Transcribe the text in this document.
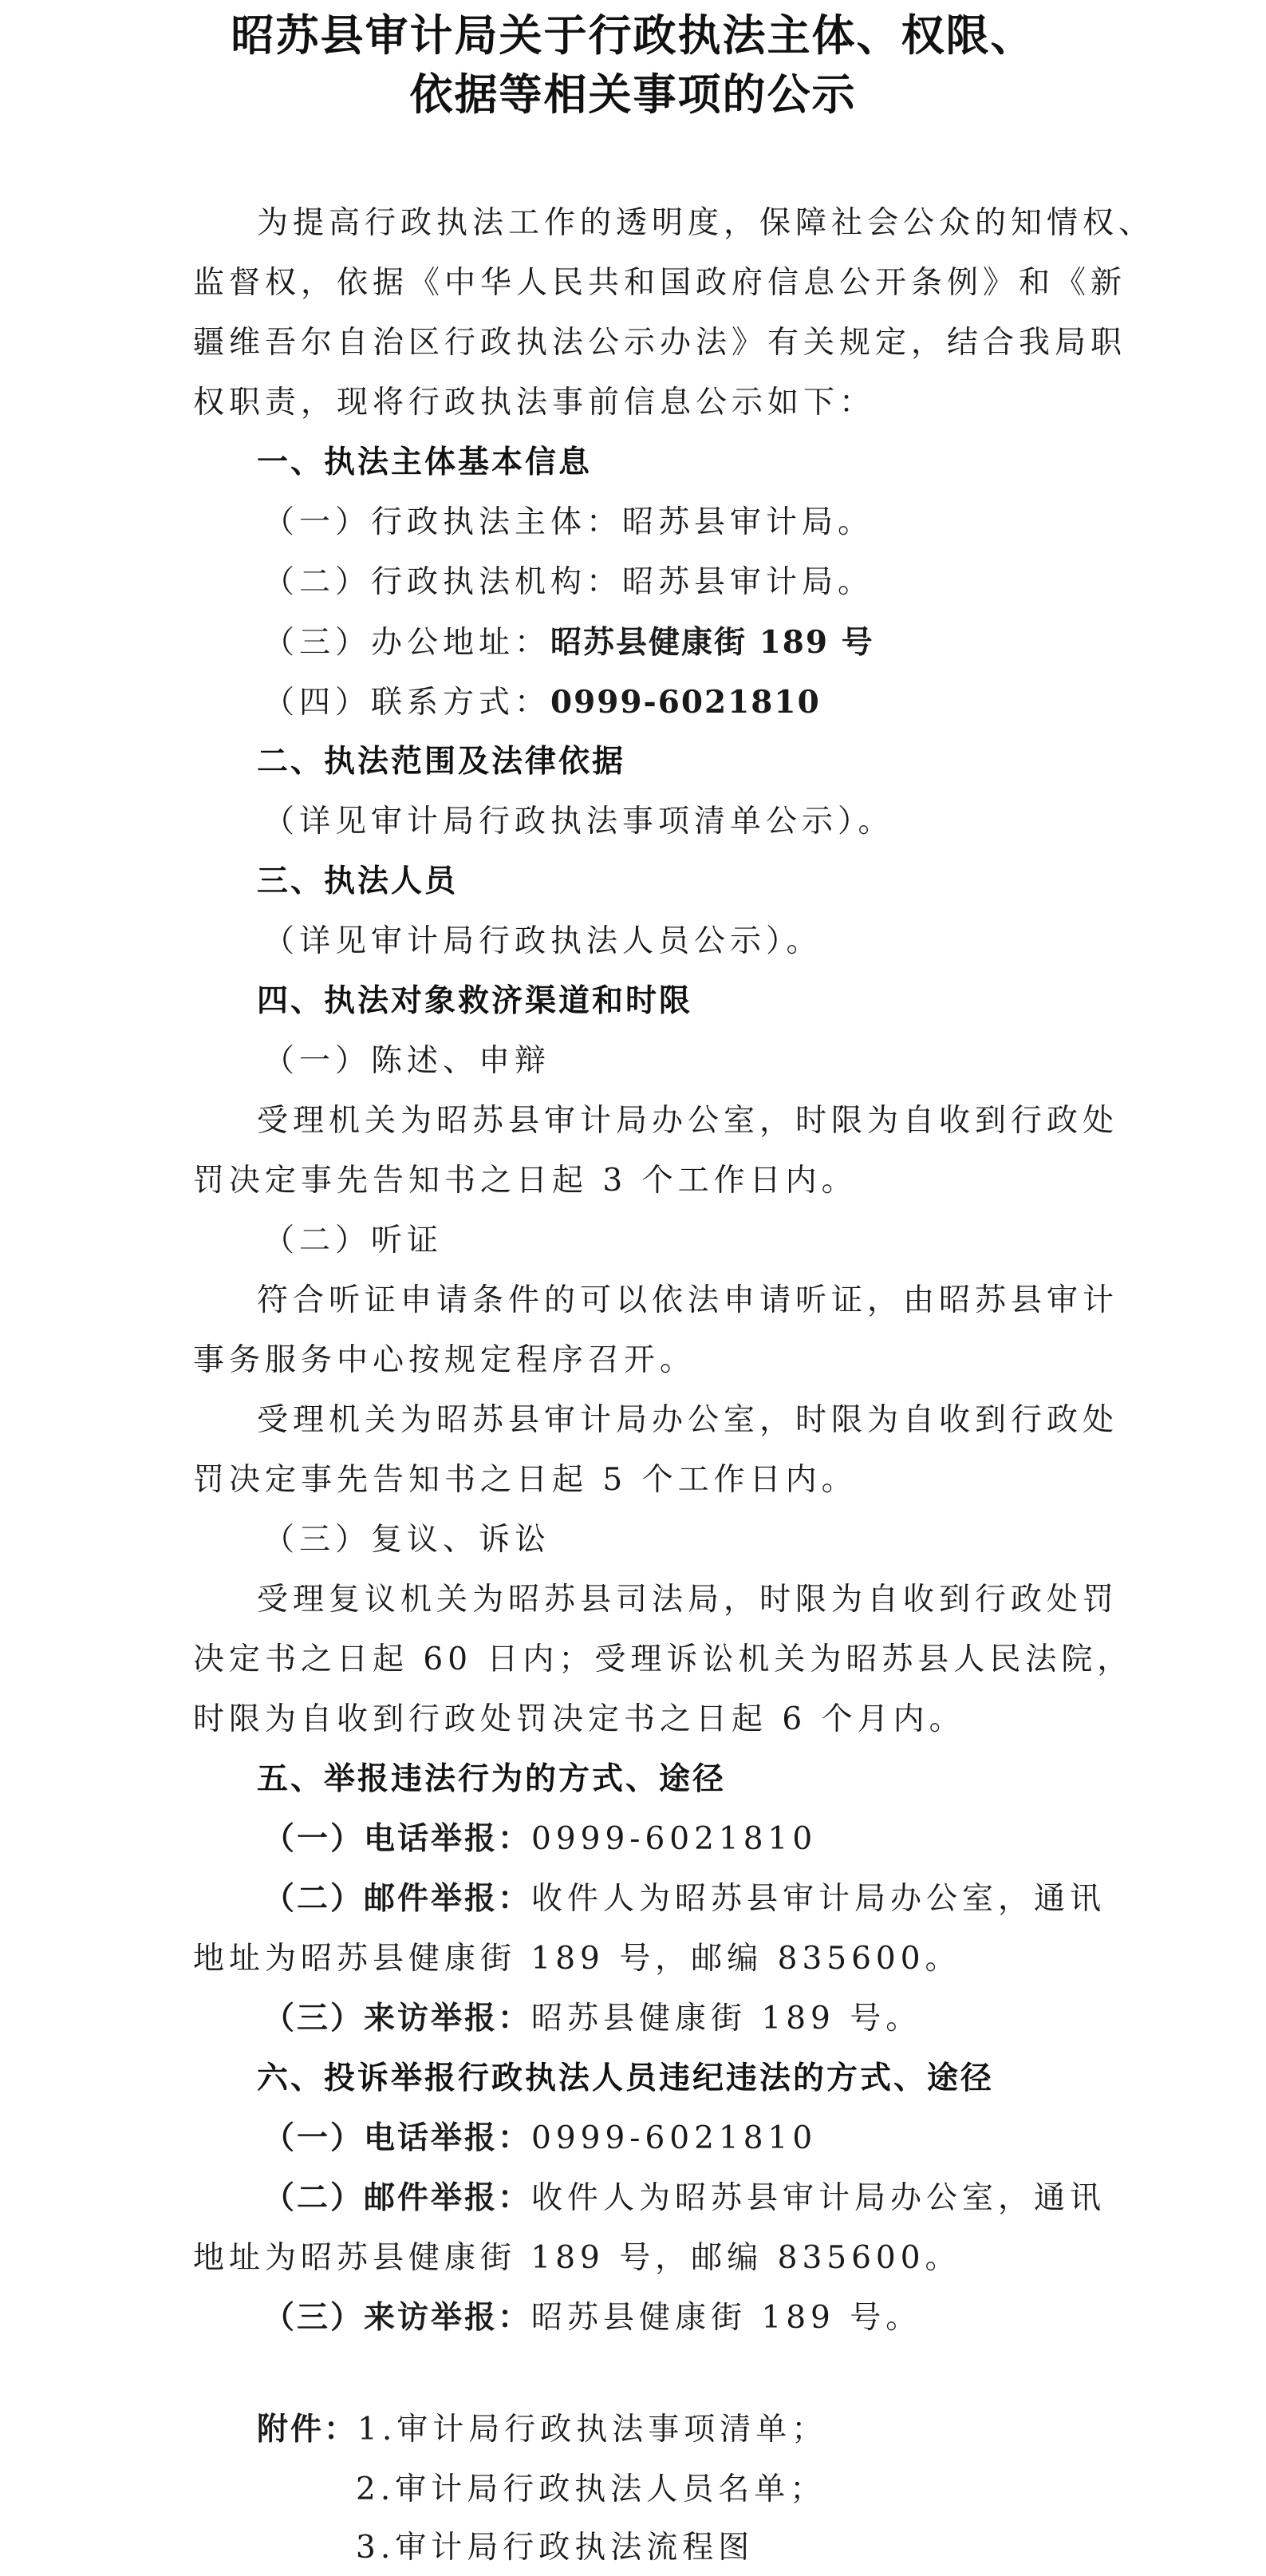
昭苏县审计局关于行政执法主体、权限、
依据等相关事项的公示
为提高行政执法工作的透明度，保障社会公众的知情权、
监督权，依据《中华人民共和国政府信息公开条例》和《新
疆维吾尔自治区行政执法公示办法》有关规定，结合我局职
权职责，现将行政执法事前信息公示如下：
一、执法主体基本信息
（一）行政执法主体：昭苏县审计局。
（二）行政执法机构：昭苏县审计局。
（三）办公地址：昭苏县健康街 189 号
（四）联系方式：0999-6021810
二、执法范围及法律依据
（详见审计局行政执法事项清单公示）。
三、执法人员
（详见审计局行政执法人员公示）。
四、执法对象救济渠道和时限
（一）陈述、申辩
受理机关为昭苏县审计局办公室，时限为自收到行政处
罚决定事先告知书之日起 3 个工作日内。
（二）听证
符合听证申请条件的可以依法申请听证，由昭苏县审计
事务服务中心按规定程序召开。
受理机关为昭苏县审计局办公室，时限为自收到行政处
罚决定事先告知书之日起 5 个工作日内。
（三）复议、诉讼
受理复议机关为昭苏县司法局，时限为自收到行政处罚
决定书之日起 60 日内；受理诉讼机关为昭苏县人民法院，
时限为自收到行政处罚决定书之日起 6 个月内。
五、举报违法行为的方式、途径
（一）电话举报：0999-6021810
（二）邮件举报：收件人为昭苏县审计局办公室，通讯
地址为昭苏县健康街 189 号，邮编 835600。
（三）来访举报：昭苏县健康街 189 号。
六、投诉举报行政执法人员违纪违法的方式、途径
（一）电话举报：0999-6021810
（二）邮件举报：收件人为昭苏县审计局办公室，通讯
地址为昭苏县健康街 189 号，邮编 835600。
（三）来访举报：昭苏县健康街 189 号。
附件：1.审计局行政执法事项清单；
2.审计局行政执法人员名单；
3.审计局行政执法流程图
